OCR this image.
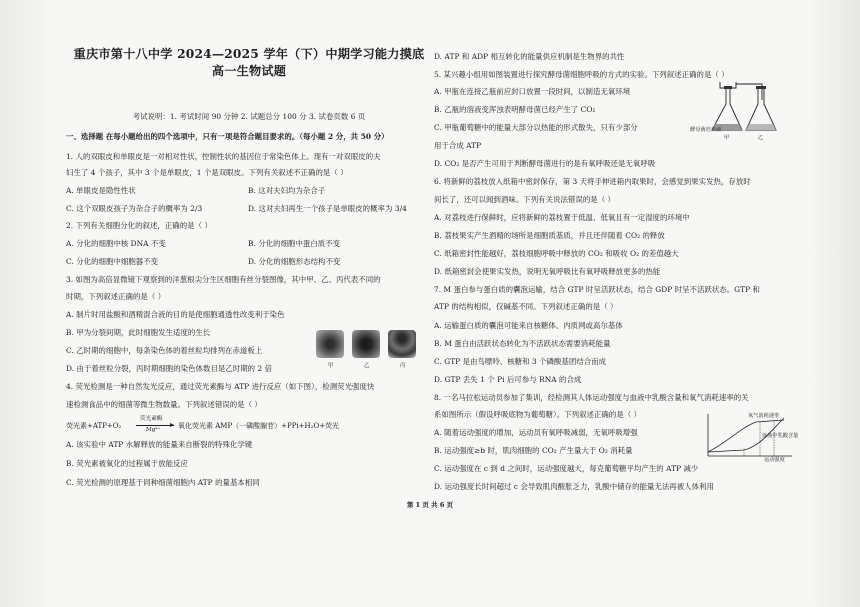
重庆市第十八中学 2024—2025 学年（下）中期学习能力摸底
高一生物试题
考试说明：1. 考试时间 90 分钟 2. 试题总分 100 分 3. 试卷页数 6 页
一、选择题 在每小题给出的四个选项中，只有一项是符合题目要求的。（每小题 2 分，共 50 分）
1. 人的双眼皮和单眼皮是一对相对性状，控制性状的基因位于常染色体上。现有一对双眼皮的夫
妇生了 4 个孩子，其中 3 个是单眼皮，1 个是双眼皮。下列有关叙述不正确的是（ ）
A. 单眼皮是隐性性状	B. 这对夫妇均为杂合子
C. 这个双眼皮孩子为杂合子的概率为 2/3	D. 这对夫妇再生一个孩子是单眼皮的概率为 3/4
2. 下列有关细胞分化的叙述，正确的是（ ）
A. 分化的细胞中核 DNA 不变	B. 分化的细胞中蛋白质不变
C. 分化的细胞中细胞器不变	D. 分化的细胞形态结构不变
3. 如图为高倍显微镜下观察到的洋葱根尖分生区细胞有丝分裂图像，其中甲、乙、丙代表不同的
时期，下列叙述正确的是（ ）
A. 制片时用盐酸和酒精混合液的目的是使细胞通透性改变利于染色
B. 甲为分裂间期，此时细胞发生适度的生长
C. 乙时期的细胞中，每条染色体的着丝粒均排列在赤道板上
D. 由于着丝粒分裂，丙时期细胞的染色体数目是乙时期的 2 倍	甲	乙	丙
4. 荧光检测是一种自然发光反应，通过荧光素酶与 ATP 进行反应（如下图），检测荧光强度快
速检测食品中的细菌等微生物数量。下列叙述错误的是（ ）
荧光素+ATP+O₂
荧光素酶
Mg²⁺ 氧化荧光素 AMP（一磷酸腺苷）+PPi+H₂O+荧光
A. 该实验中 ATP 水解释放的能量来自断裂的特殊化学键
B. 荧光素被氧化的过程属于放能反应
C. 荧光检测的原理基于同种细菌细胞内 ATP 的量基本相同
D. ATP 和 ADP 相互转化的能量供应机制是生物界的共性
5. 某兴趣小组用如图装置进行探究酵母菌细胞呼吸的方式的实验。下列叙述正确的是（ ）
A. 甲瓶在连接乙瓶前应封口放置一段时间，以制造无氧环境
B. 乙瓶的溶液变浑浊表明酵母菌已经产生了 CO₂
C. 甲瓶葡萄糖中的能量大部分以热能的形式散失，只有少部分
用于合成 ATP
D. CO₂ 是否产生可用于判断酵母菌进行的是有氧呼吸还是无氧呼吸
酵母菌培养液
甲	乙
6. 将新鲜的荔枝放入纸箱中密封保存，第 3 天将手伸进箱内取果时，会感觉到果实发热，存放时
间长了，还可以闻到酒味。下列有关说法错误的是（ ）
A. 对荔枝进行保鲜时，应将新鲜的荔枝置于低温、低氧且有一定湿度的环境中
B. 荔枝果实产生酒精的场所是细胞质基质，并且还伴随着 CO₂ 的释放
C. 纸箱密封性能越好，荔枝细胞呼吸中释放的 CO₂ 和吸收 O₂ 的差值越大
D. 纸箱密封会使果实发热，说明无氧呼吸比有氧呼吸释放更多的热能
7. M 蛋白参与蛋白质的囊泡运输，结合 GTP 时呈活跃状态，结合 GDP 时呈不活跃状态。GTP 和
ATP 的结构相似，仅碱基不同。下列叙述正确的是（ ）
A. 运输蛋白质的囊泡可能来自核糖体、内质网或高尔基体
B. M 蛋白由活跃状态转化为不活跃状态需要消耗能量
C. GTP 是由鸟嘌呤、核糖和 3 个磷酸基团结合而成
D. GTP 丢失 1 个 Pi 后可参与 RNA 的合成
8. 一名马拉松运动员参加了集训，经检测其人体运动强度与血液中乳酸含量和氧气消耗速率的关
系如图所示（假设呼吸底物为葡萄糖）。下列叙述正确的是（ ）
A. 随着运动强度的增加，运动员有氧呼吸减弱，无氧呼吸增强
B. 运动强度≥b 时，肌肉细胞的 CO₂ 产生量大于 O₂ 消耗量
C. 运动强度在 c 到 d 之间时，运动强度越大，每克葡萄糖平均产生的 ATP 减少
D. 运动强度长时间超过 c 会导致肌肉酸胀乏力，乳酸中储存的能量无法再被人体利用
氧气消耗速率
血液中乳酸含量
运动强度
第 1 页 共 6 页
